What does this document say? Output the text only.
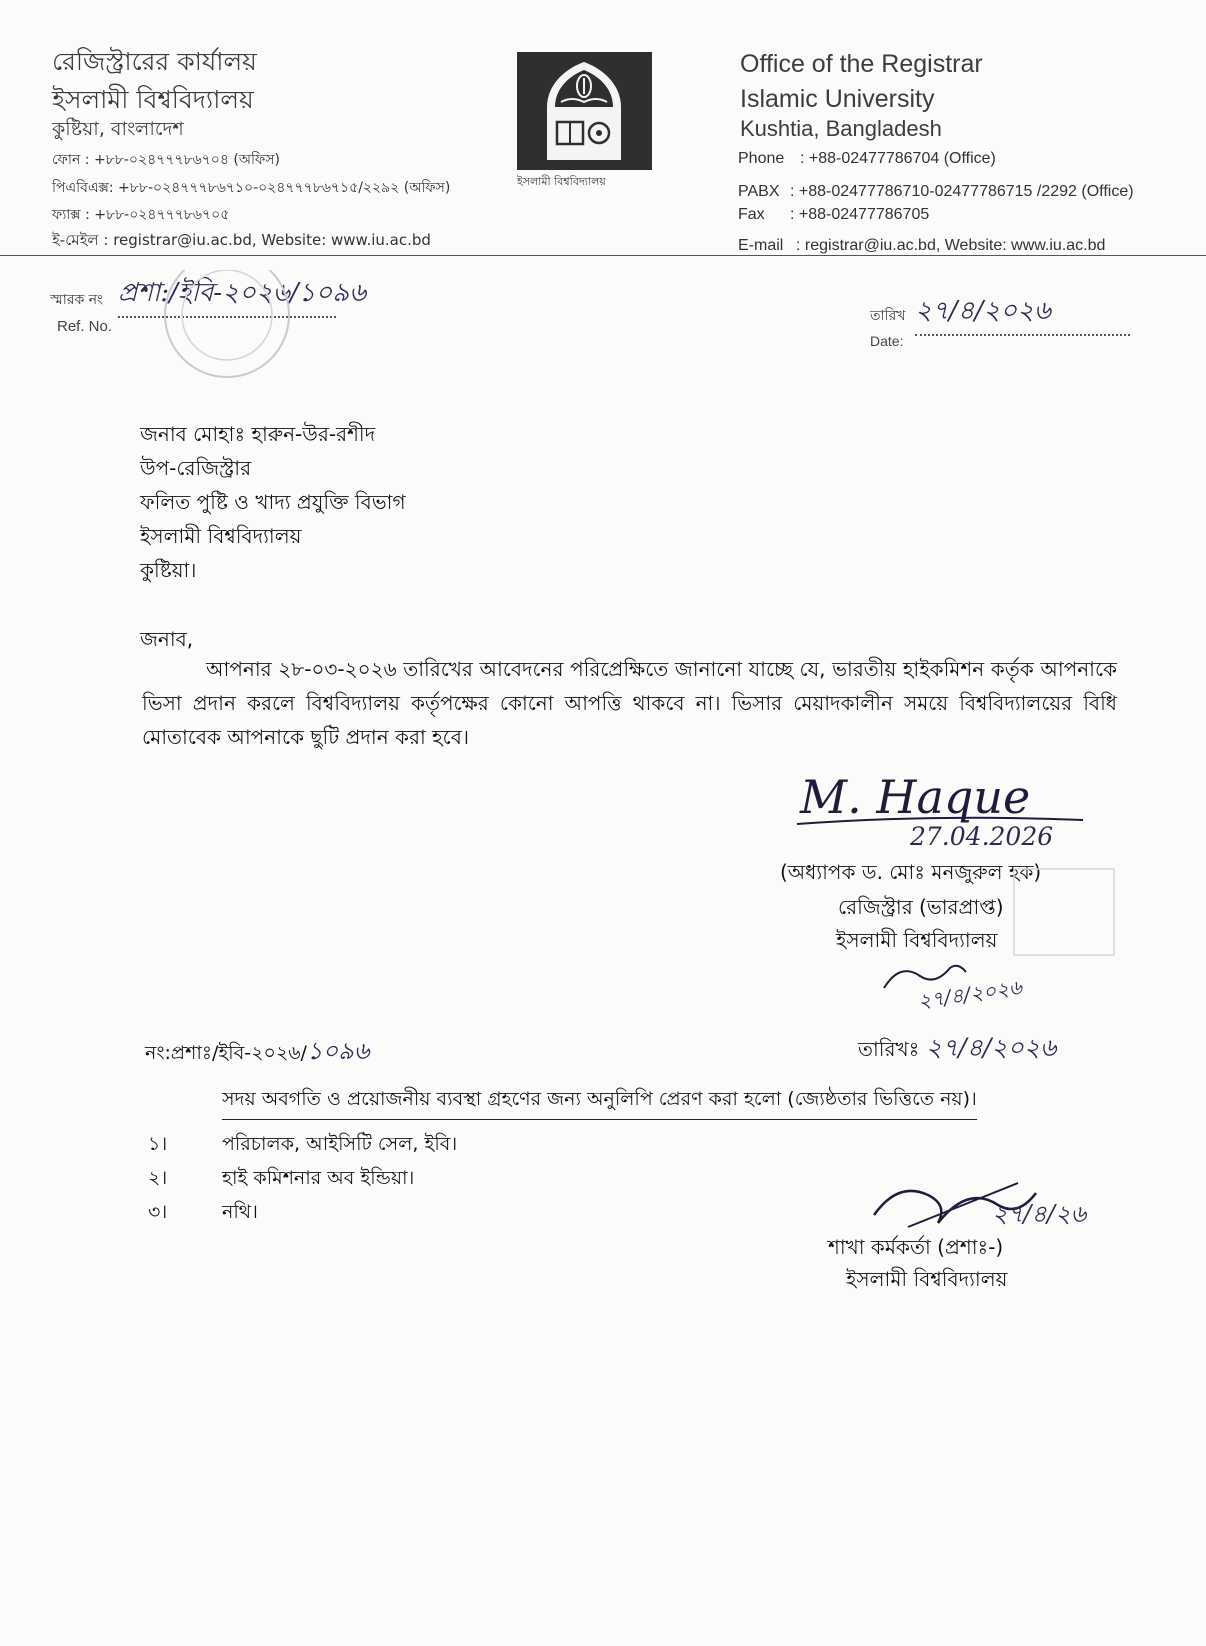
রেজিস্ট্রারের কার্যালয়
ইসলামী বিশ্ববিদ্যালয়
কুষ্টিয়া, বাংলাদেশ
ফোন : +৮৮-০২৪৭৭৭৮৬৭০৪ (অফিস)
পিএবিএক্স: +৮৮-০২৪৭৭৭৮৬৭১০-০২৪৭৭৭৮৬৭১৫/২২৯২ (অফিস)
ফ্যাক্স : +৮৮-০২৪৭৭৭৮৬৭০৫
ই-মেইল : registrar@iu.ac.bd, Website: www.iu.ac.bd
ইসলামী বিশ্ববিদ্যালয়
Office of the Registrar
Islamic University
Kushtia, Bangladesh
Phone : +88-02477786704 (Office)
PABX : +88-02477786710-02477786715 /2292 (Office)
Fax : +88-02477786705
E-mail : registrar@iu.ac.bd, Website: www.iu.ac.bd
স্মারক নং প্রশা:/ইবি-২০২৬/১০৯৬
Ref. No.
তারিখ ২৭/৪/২০২৬
Date:
জনাব মোহাঃ হারুন-উর-রশীদ
উপ-রেজিস্ট্রার
ফলিত পুষ্টি ও খাদ্য প্রযুক্তি বিভাগ
ইসলামী বিশ্ববিদ্যালয়
কুষ্টিয়া।
জনাব,
আপনার ২৮-০৩-২০২৬ তারিখের আবেদনের পরিপ্রেক্ষিতে জানানো যাচ্ছে যে, ভারতীয় হাইকমিশন কর্তৃক আপনাকে ভিসা প্রদান করলে বিশ্ববিদ্যালয় কর্তৃপক্ষের কোনো আপত্তি থাকবে না। ভিসার মেয়াদকালীন সময়ে বিশ্ববিদ্যালয়ের বিধি মোতাবেক আপনাকে ছুটি প্রদান করা হবে।
M. Haque
27.04.2026
(অধ্যাপক ড. মোঃ মনজুরুল হক)
রেজিস্ট্রার (ভারপ্রাপ্ত)
ইসলামী বিশ্ববিদ্যালয়
২৭/৪/২০২৬
নং:প্রশাঃ/ইবি-২০২৬/১০৯৬	তারিখঃ ২৭/৪/২০২৬
সদয় অবগতি ও প্রয়োজনীয় ব্যবস্থা গ্রহণের জন্য অনুলিপি প্রেরণ করা হলো (জ্যেষ্ঠতার ভিত্তিতে নয়)।
১।	পরিচালক, আইসিটি সেল, ইবি।
২।	হাই কমিশনার অব ইন্ডিয়া।
৩।	নথি।	২৭/৪/২৬
শাখা কর্মকর্তা (প্রশাঃ-)
ইসলামী বিশ্ববিদ্যালয়
